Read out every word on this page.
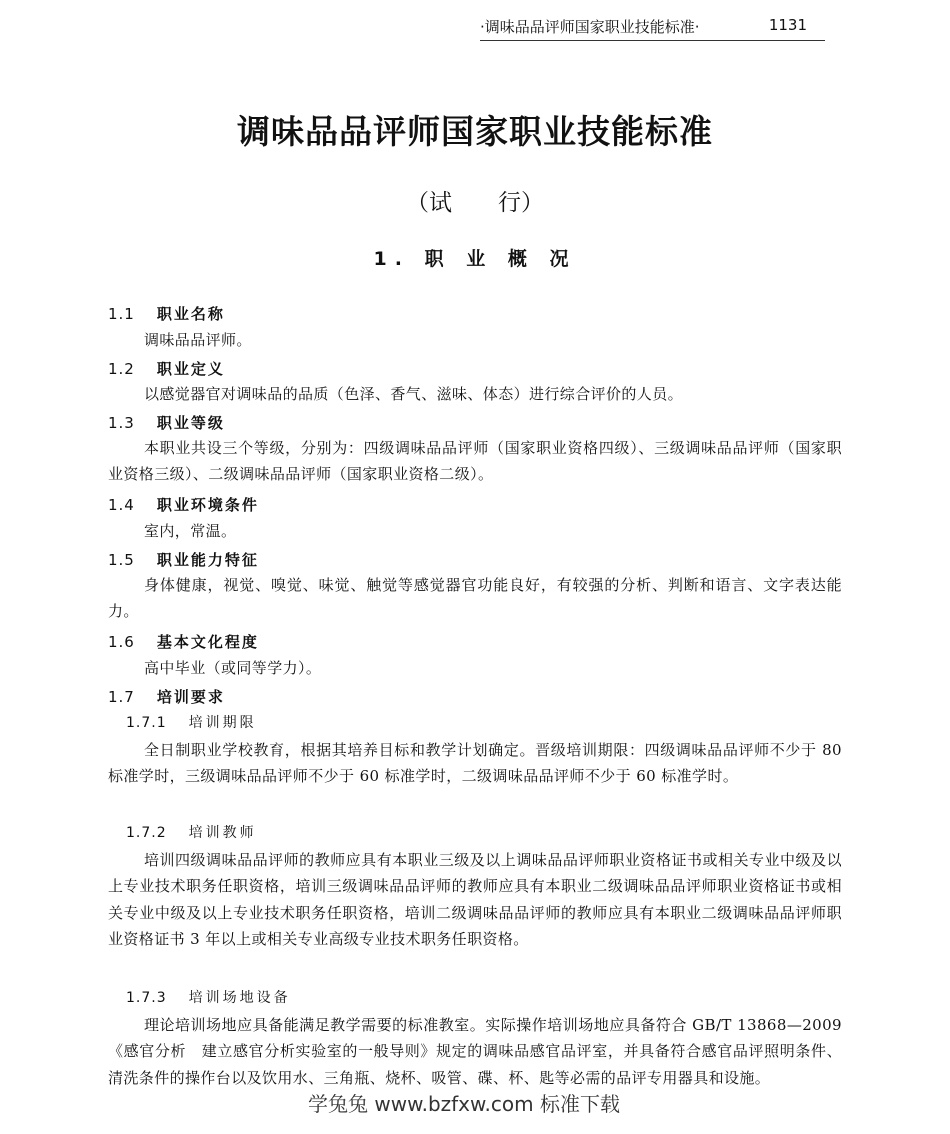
·调味品品评师国家职业技能标准·	1131
调味品品评师国家职业技能标准
（试　　行）
1. 职 业 概 况
1.1 职业名称
调味品品评师。
1.2 职业定义
以感觉器官对调味品的品质（色泽、香气、滋味、体态）进行综合评价的人员。
1.3 职业等级
本职业共设三个等级，分别为：四级调味品品评师（国家职业资格四级）、三级调味品品评师（国家职业资格三级）、二级调味品品评师（国家职业资格二级）。
1.4 职业环境条件
室内，常温。
1.5 职业能力特征
身体健康，视觉、嗅觉、味觉、触觉等感觉器官功能良好，有较强的分析、判断和语言、文字表达能力。
1.6 基本文化程度
高中毕业（或同等学力）。
1.7 培训要求
1.7.1 培训期限
全日制职业学校教育，根据其培养目标和教学计划确定。晋级培训期限：四级调味品品评师不少于 80 标准学时，三级调味品品评师不少于 60 标准学时，二级调味品品评师不少于 60 标准学时。
1.7.2 培训教师
培训四级调味品品评师的教师应具有本职业三级及以上调味品品评师职业资格证书或相关专业中级及以上专业技术职务任职资格，培训三级调味品品评师的教师应具有本职业二级调味品品评师职业资格证书或相关专业中级及以上专业技术职务任职资格，培训二级调味品品评师的教师应具有本职业二级调味品品评师职业资格证书 3 年以上或相关专业高级专业技术职务任职资格。
1.7.3 培训场地设备
理论培训场地应具备能满足教学需要的标准教室。实际操作培训场地应具备符合 GB/T 13868—2009《感官分析　建立感官分析实验室的一般导则》规定的调味品感官品评室，并具备符合感官品评照明条件、清洗条件的操作台以及饮用水、三角瓶、烧杯、吸管、碟、杯、匙等必需的品评专用器具和设施。
学兔兔 www.bzfxw.com 标准下载
